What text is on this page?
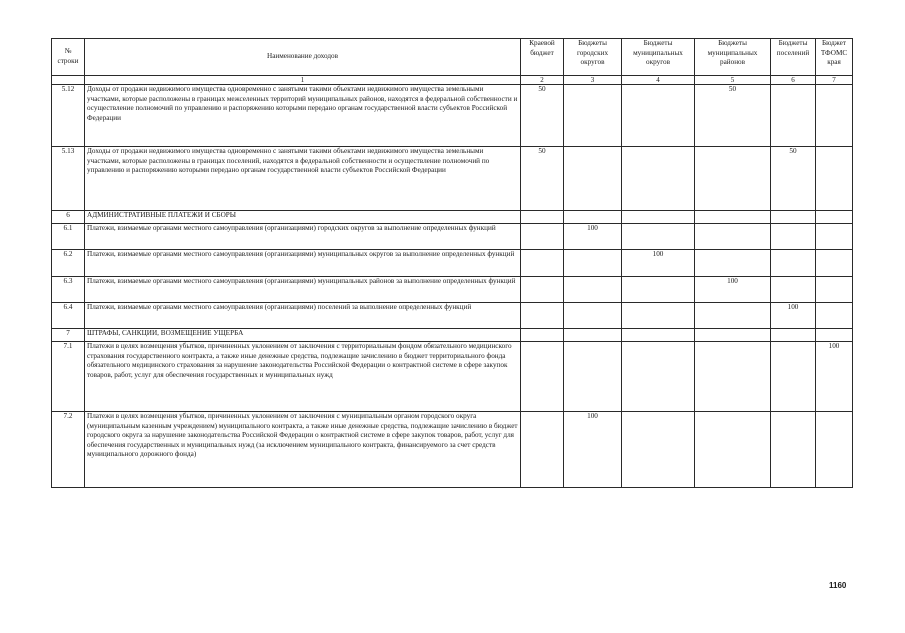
№ строки	Наименование доходов	Краевой бюджет	Бюджеты городских округов	Бюджеты муниципальных округов	Бюджеты муниципальных районов	Бюджеты поселений	Бюджет ТФОМС края
	1	2	3	4	5	6	7
5.12	Доходы от продажи недвижимого имущества одновременно с занятыми такими объектами недвижимого имущества земельными участками, которые расположены в границах межселенных территорий муниципальных районов, находятся в федеральной собственности и осуществление полномочий по управлению и распоряжению которыми передано органам государственной власти субъектов Российской Федерации	50			50		
5.13	Доходы от продажи недвижимого имущества одновременно с занятыми такими объектами недвижимого имущества земельными участками, которые расположены в границах поселений, находятся в федеральной собственности и осуществление полномочий по управлению и распоряжению которыми передано органам государственной власти субъектов Российской Федерации	50				50	
6	АДМИНИСТРАТИВНЫЕ ПЛАТЕЖИ И СБОРЫ						
6.1	Платежи, взимаемые органами местного самоуправления (организациями) городских округов за выполнение определенных функций		100				
6.2	Платежи, взимаемые органами местного самоуправления (организациями) муниципальных округов за выполнение определенных функций			100			
6.3	Платежи, взимаемые органами местного самоуправления (организациями) муниципальных районов за выполнение определенных функций				100		
6.4	Платежи, взимаемые органами местного самоуправления (организациями) поселений за выполнение определенных функций					100	
7	ШТРАФЫ, САНКЦИИ, ВОЗМЕЩЕНИЕ УЩЕРБА						
7.1	Платежи в целях возмещения убытков, причиненных уклонением от заключения с территориальным фондом обязательного медицинского страхования государственного контракта, а также иные денежные средства, подлежащие зачислению в бюджет территориального фонда обязательного медицинского страхования за нарушение законодательства Российской Федерации о контрактной системе в сфере закупок товаров, работ, услуг для обеспечения государственных и муниципальных нужд						100
7.2	Платежи в целях возмещения убытков, причиненных уклонением от заключения с муниципальным органом городского округа (муниципальным казенным учреждением) муниципального контракта, а также иные денежные средства, подлежащие зачислению в бюджет городского округа за нарушение законодательства Российской Федерации о контрактной системе в сфере закупок товаров, работ, услуг для обеспечения государственных и муниципальных нужд (за исключением муниципального контракта, финансируемого за счет средств муниципального дорожного фонда)		100				
1160
